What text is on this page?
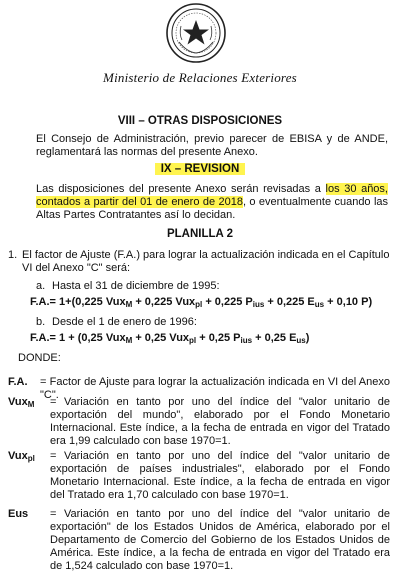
Ministerio de Relaciones Exteriores
VIII – OTRAS DISPOSICIONES
El Consejo de Administración, previo parecer de EBISA y de ANDE, reglamentará las normas del presente Anexo.
IX – REVISION
Las disposiciones del presente Anexo serán revisadas a los 30 años, contados a partir del 01 de enero de 2018, o eventualmente cuando las Altas Partes Contratantes así lo decidan.
PLANILLA 2
1. El factor de Ajuste (F.A.) para lograr la actualización indicada en el Capítulo VI del Anexo "C" será:
a. Hasta el 31 de diciembre de 1995:
F.A.= 1+(0,225 Vux$_M$ + 0,225 Vux$_{pl}$ + 0,225 $P_{ius} + 0,225$ $E_{us} + 0,10$ P)
b. Desde el 1 de enero de 1996:
F.A.= 1 + (0,25 Vux$_M$ + 0,25 Vux$_{pl}$ + 0,25 $P_{ius} + 0,25$ $E_{us}$)
DONDE:
F.A. = Factor de Ajuste para lograr la actualización indicada en VI del Anexo "C".
Vux$_M$ = Variación en tanto por uno del índice del "valor unitario de exportación del mundo", elaborado por el Fondo Monetario Internacional. Este índice, a la fecha de entrada en vigor del Tratado era 1,99 calculado con base 1970=1.
Vux$_{pl}$ = Variación en tanto por uno del índice del "valor unitario de exportación de países industriales", elaborado por el Fondo Monetario Internacional. Este índice, a la fecha de entrada en vigor del Tratado era 1,70 calculado con base 1970=1.
Eus = Variación en tanto por uno del índice del "valor unitario de exportación" de los Estados Unidos de América, elaborado por el Departamento de Comercio del Gobierno de los Estados Unidos de América. Este índice, a la fecha de entrada en vigor del Tratado era de 1,524 calculado con base 1970=1.
